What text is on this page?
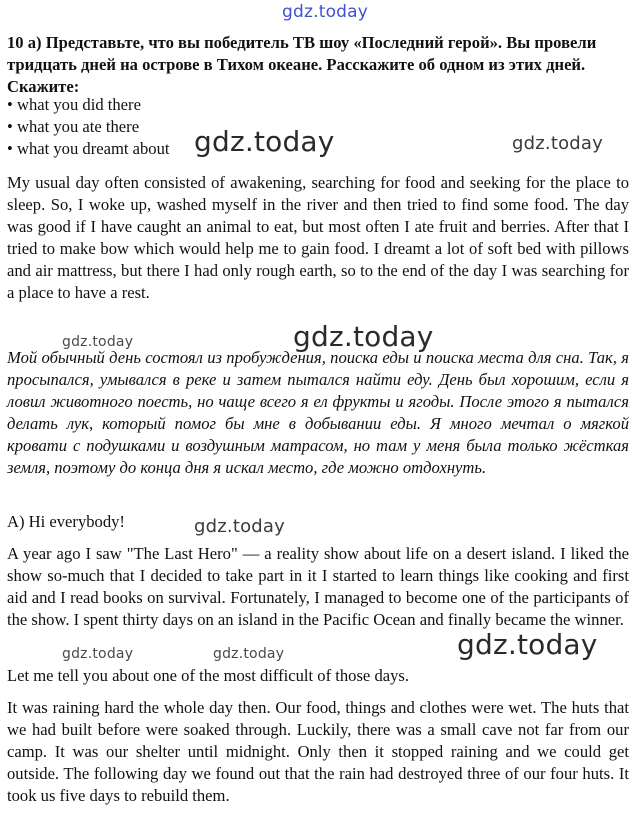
10 а) Представьте, что вы победитель ТВ шоу «Последний герой». Вы провели тридцать дней на острове в Тихом океане. Расскажите об одном из этих дней. Скажите:
• what you did there
• what you ate there
• what you dreamt about

My usual day often consisted of awakening, searching for food and seeking for the place to sleep. So, I woke up, washed myself in the river and then tried to find some food. The day was good if I have caught an animal to eat, but most often I ate fruit and berries. After that I tried to make bow which would help me to gain food. I dreamt a lot of soft bed with pillows and air mattress, but there I had only rough earth, so to the end of the day I was searching for a place to have a rest.

Мой обычный день состоял из пробуждения, поиска еды и поиска места для сна. Так, я просыпался, умывался в реке и затем пытался найти еду. День был хорошим, если я ловил животного поесть, но чаще всего я ел фрукты и ягоды. После этого я пытался делать лук, который помог бы мне в добывании еды. Я много мечтал о мягкой кровати с подушками и воздушным матрасом, но там у меня была только жёсткая земля, поэтому до конца дня я искал место, где можно отдохнуть.

A) Hi everybody!

A year ago I saw "The Last Hero" — a reality show about life on a desert island. I liked the show so-much that I decided to take part in it I started to learn things like cooking and first aid and I read books on survival. Fortunately, I managed to become one of the participants of the show. I spent thirty days on an island in the Pacific Ocean and finally became the winner.

Let me tell you about one of the most difficult of those days.

It was raining hard the whole day then. Our food, things and clothes were wet. The huts that we had built before were soaked through. Luckily, there was a small cave not far from our camp. It was our shelter until midnight. Only then it stopped raining and we could get outside. The following day we found out that the rain had destroyed three of our four huts. It took us five days to rebuild them.

gdz.today
gdz.today	gdz.today
gdz.today	gdz.today
gdz.today
gdz.today
gdz.today	gdz.today
